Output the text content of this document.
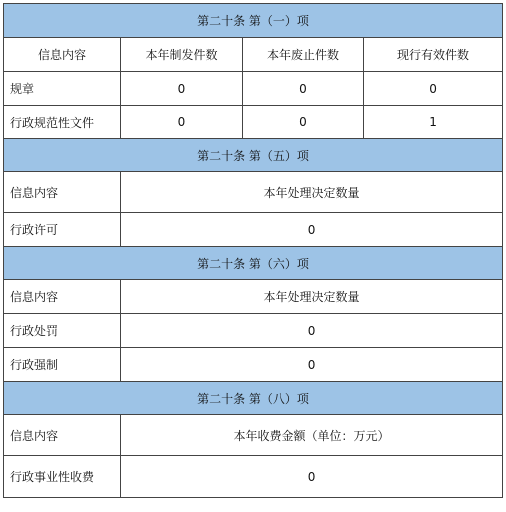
第二十条 第（一）项			
信息内容	本年制发件数	本年废止件数	现行有效件数
规章	0	0	0
行政规范性文件	0	0	1
第二十条 第（五）项			
信息内容	本年处理决定数量		
行政许可	0		
第二十条 第（六）项			
信息内容	本年处理决定数量		
行政处罚	0		
行政强制	0		
第二十条 第（八）项			
信息内容	本年收费金额（单位：万元）		
行政事业性收费	0		
